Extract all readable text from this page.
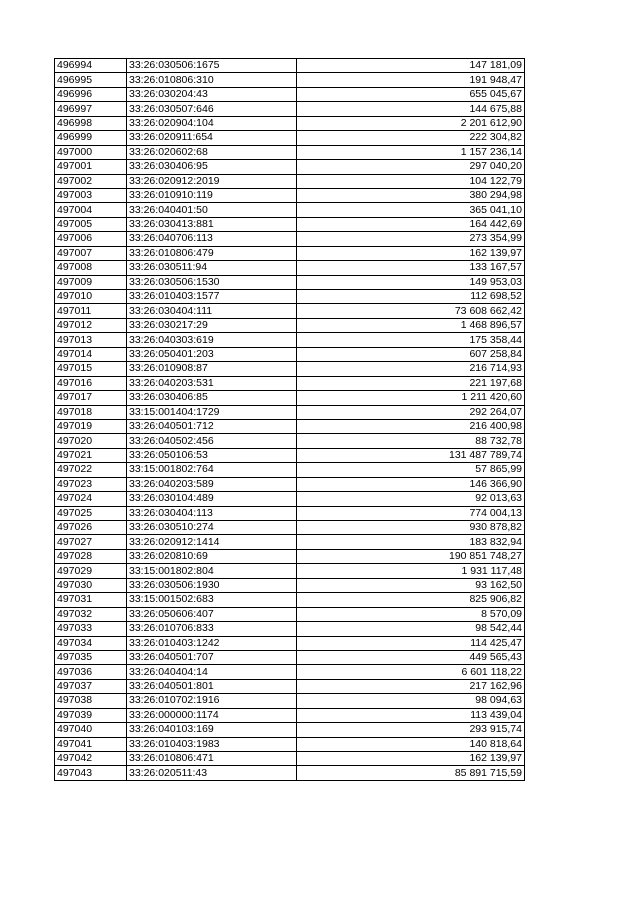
496994	33:26:030506:1675	147 181,09
496995	33:26:010806:310	191 948,47
496996	33:26:030204:43	655 045,67
496997	33:26:030507:646	144 675,88
496998	33:26:020904:104	2 201 612,90
496999	33:26:020911:654	222 304,82
497000	33:26:020602:68	1 157 236,14
497001	33:26:030406:95	297 040,20
497002	33:26:020912:2019	104 122,79
497003	33:26:010910:119	380 294,98
497004	33:26:040401:50	365 041,10
497005	33:26:030413:881	164 442,69
497006	33:26:040706:113	273 354,99
497007	33:26:010806:479	162 139,97
497008	33:26:030511:94	133 167,57
497009	33:26:030506:1530	149 953,03
497010	33:26:010403:1577	112 698,52
497011	33:26:030404:111	73 608 662,42
497012	33:26:030217:29	1 468 896,57
497013	33:26:040303:619	175 358,44
497014	33:26:050401:203	607 258,84
497015	33:26:010908:87	216 714,93
497016	33:26:040203:531	221 197,68
497017	33:26:030406:85	1 211 420,60
497018	33:15:001404:1729	292 264,07
497019	33:26:040501:712	216 400,98
497020	33:26:040502:456	88 732,78
497021	33:26:050106:53	131 487 789,74
497022	33:15:001802:764	57 865,99
497023	33:26:040203:589	146 366,90
497024	33:26:030104:489	92 013,63
497025	33:26:030404:113	774 004,13
497026	33:26:030510:274	930 878,82
497027	33:26:020912:1414	183 832,94
497028	33:26:020810:69	190 851 748,27
497029	33:15:001802:804	1 931 117,48
497030	33:26:030506:1930	93 162,50
497031	33:15:001502:683	825 906,82
497032	33:26:050606:407	8 570,09
497033	33:26:010706:833	98 542,44
497034	33:26:010403:1242	114 425,47
497035	33:26:040501:707	449 565,43
497036	33:26:040404:14	6 601 118,22
497037	33:26:040501:801	217 162,96
497038	33:26:010702:1916	98 094,63
497039	33:26:000000:1174	113 439,04
497040	33:26:040103:169	293 915,74
497041	33:26:010403:1983	140 818,64
497042	33:26:010806:471	162 139,97
497043	33:26:020511:43	85 891 715,59
